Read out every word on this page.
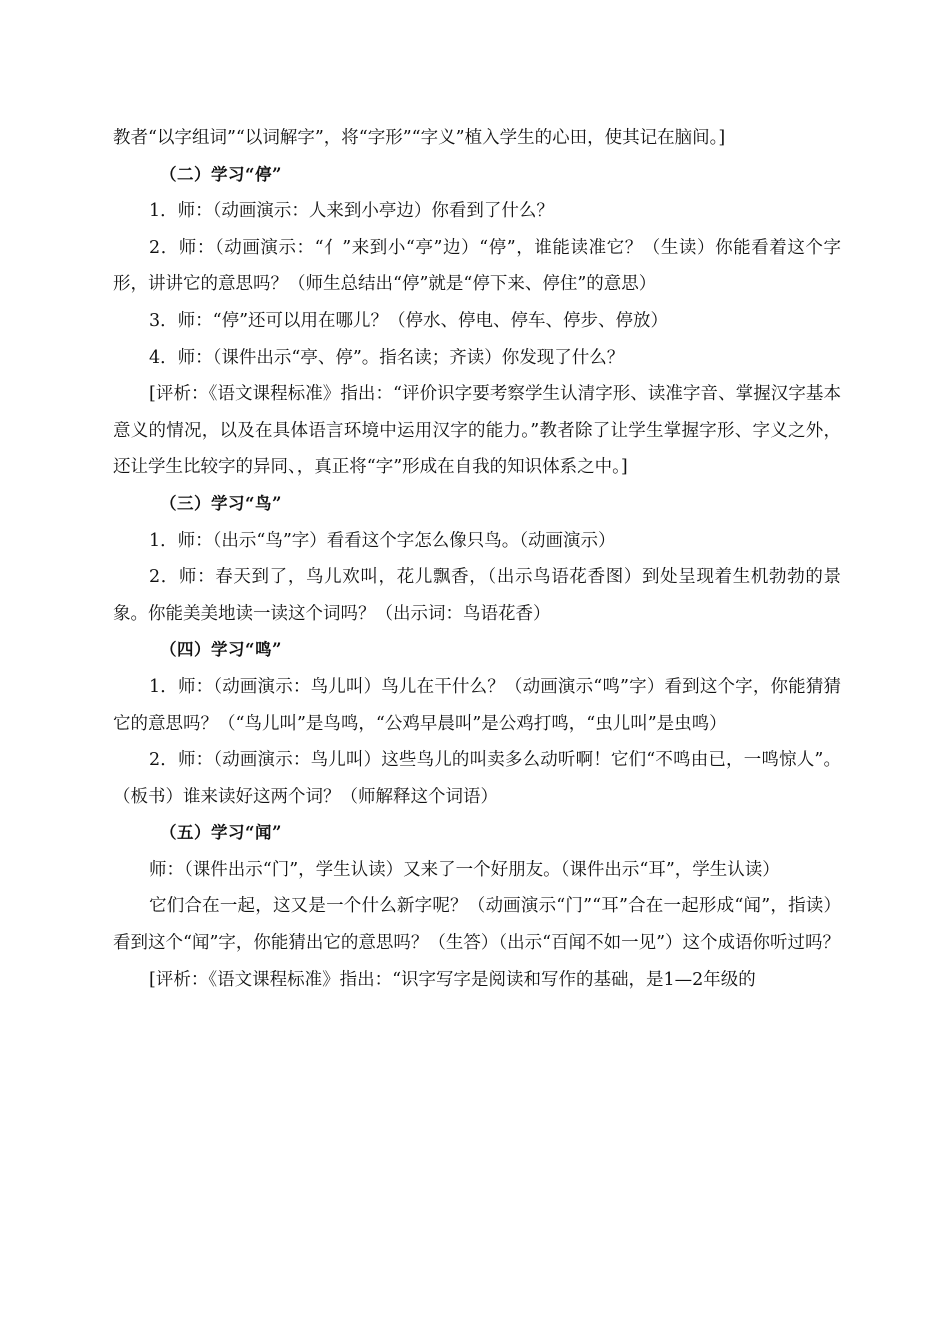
教者“以字组词”“以词解字”，将“字形”“字义”植入学生的心田，使其记在脑间。]

（二）学习“停”

1．师：（动画演示：人来到小亭边）你看到了什么？

2．师：（动画演示：“亻”来到小“亭”边）“停”，谁能读准它？（生读）你能看着这个字形，讲讲它的意思吗？（师生总结出“停”就是“停下来、停住”的意思）

3．师：“停”还可以用在哪儿？（停水、停电、停车、停步、停放）

4．师：（课件出示“亭、停”。指名读；齐读）你发现了什么？

[评析：《语文课程标准》指出：“评价识字要考察学生认清字形、读准字音、掌握汉字基本意义的情况，以及在具体语言环境中运用汉字的能力。”教者除了让学生掌握字形、字义之外，还让学生比较字的异同、，真正将“字”形成在自我的知识体系之中。]

（三）学习“鸟”

1．师：（出示“鸟”字）看看这个字怎么像只鸟。（动画演示）

2．师：春天到了，鸟儿欢叫，花儿飘香，（出示鸟语花香图）到处呈现着生机勃勃的景象。你能美美地读一读这个词吗？（出示词：鸟语花香）

（四）学习“鸣”

1．师：（动画演示：鸟儿叫）鸟儿在干什么？（动画演示“鸣”字）看到这个字，你能猜猜它的意思吗？（“鸟儿叫”是鸟鸣，“公鸡早晨叫”是公鸡打鸣，“虫儿叫”是虫鸣）

2．师：（动画演示：鸟儿叫）这些鸟儿的叫卖多么动听啊！它们“不鸣由已，一鸣惊人”。（板书）谁来读好这两个词？（师解释这个词语）

（五）学习“闻”

师：（课件出示“门”，学生认读）又来了一个好朋友。（课件出示“耳”，学生认读）

它们合在一起，这又是一个什么新字呢？（动画演示“门”“耳”合在一起形成“闻”，指读）看到这个“闻”字，你能猜出它的意思吗？（生答）（出示“百闻不如一见”）这个成语你听过吗？

[评析：《语文课程标准》指出：“识字写字是阅读和写作的基础，是1—2年级的
